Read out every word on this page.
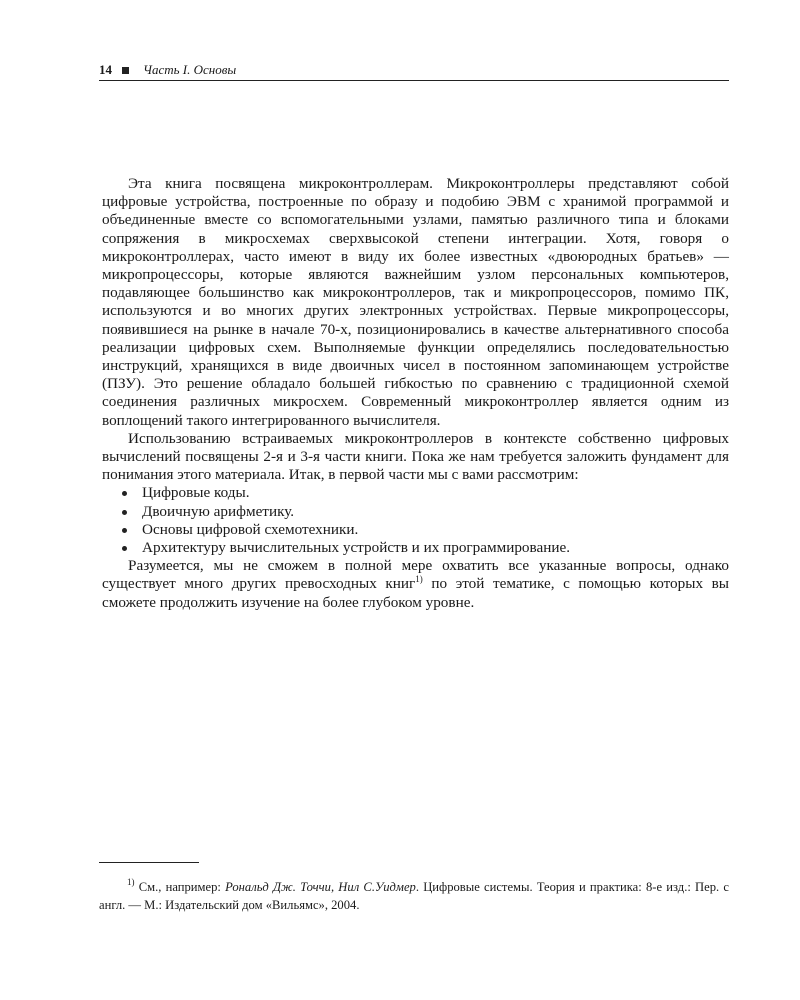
14 Часть I. Основы

Эта книга посвящена микроконтроллерам. Микроконтроллеры представляют собой цифровые устройства, построенные по образу и подобию ЭВМ с хранимой программой и объединенные вместе со вспомогательными узлами, памятью различного типа и блоками сопряжения в микросхемах сверхвысокой степени интеграции. Хотя, говоря о микроконтроллерах, часто имеют в виду их более известных «двоюродных братьев» — микропроцессоры, которые являются важнейшим узлом персональных компьютеров, подавляющее большинство как микроконтроллеров, так и микропроцессоров, помимо ПК, используются и во многих других электронных устройствах. Первые микропроцессоры, появившиеся на рынке в начале 70-х, позиционировались в качестве альтернативного способа реализации цифровых схем. Выполняемые функции определялись последовательностью инструкций, хранящихся в виде двоичных чисел в постоянном запоминающем устройстве (ПЗУ). Это решение обладало большей гибкостью по сравнению с традиционной схемой соединения различных микросхем. Современный микроконтроллер является одним из воплощений такого интегрированного вычислителя.

Использованию встраиваемых микроконтроллеров в контексте собственно цифровых вычислений посвящены 2-я и 3-я части книги. Пока же нам требуется заложить фундамент для понимания этого материала. Итак, в первой части мы с вами рассмотрим:

Цифровые коды.
Двоичную арифметику.
Основы цифровой схемотехники.
Архитектуру вычислительных устройств и их программирование.

Разумеется, мы не сможем в полной мере охватить все указанные вопросы, однако существует много других превосходных книг$^{1)}$ по этой тематике, с помощью которых вы сможете продолжить изучение на более глубоком уровне.

$^{1)}$ См., например: Рональд Дж. Точчи, Нил С.Уидмер. Цифровые системы. Теория и практика: 8-е изд.: Пер. с англ. — М.: Издательский дом «Вильямс», 2004.
